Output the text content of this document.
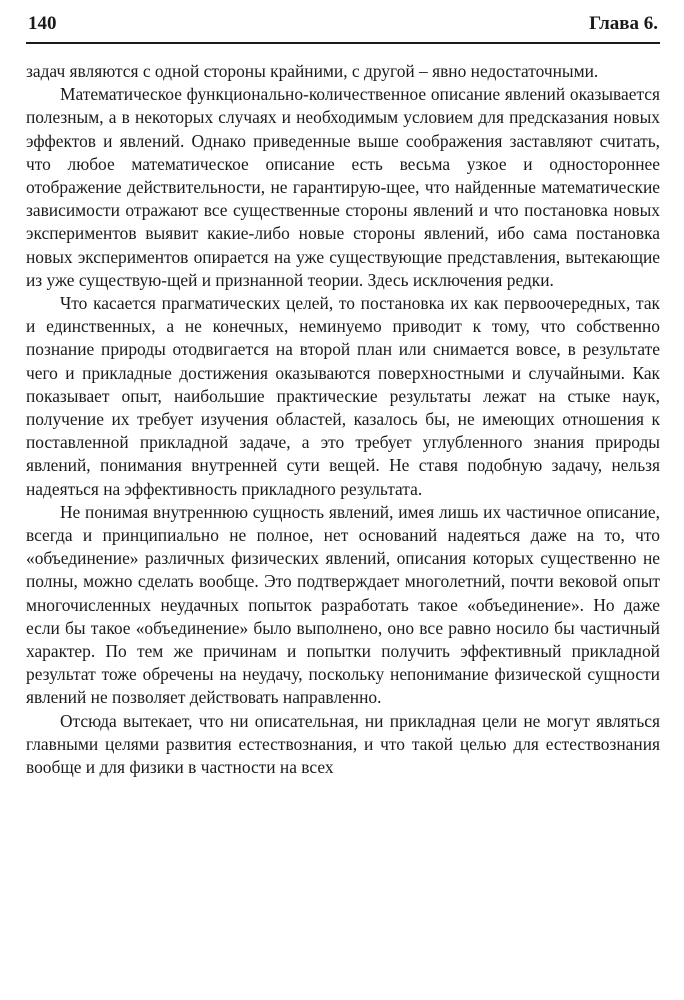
140	Глава 6.

задач являются с одной стороны крайними, с другой – явно недостаточными.

Математическое функционально-количественное описание явлений оказывается полезным, а в некоторых случаях и необходимым условием для предсказания новых эффектов и явлений. Однако приведенные выше соображения заставляют считать, что любое математическое описание есть весьма узкое и одностороннее отображение действительности, не гарантирую-щее, что найденные математические зависимости отражают все существенные стороны явлений и что постановка новых экспериментов выявит какие-либо новые стороны явлений, ибо сама постановка новых экспериментов опирается на уже существующие представления, вытекающие из уже существую-щей и признанной теории. Здесь исключения редки.

Что касается прагматических целей, то постановка их как первоочередных, так и единственных, а не конечных, неминуемо приводит к тому, что собственно познание природы отодвигается на второй план или снимается вовсе, в результате чего и прикладные достижения оказываются поверхностными и случайными. Как показывает опыт, наибольшие практические результаты лежат на стыке наук, получение их требует изучения областей, казалось бы, не имеющих отношения к поставленной прикладной задаче, а это требует углубленного знания природы явлений, понимания внутренней сути вещей. Не ставя подобную задачу, нельзя надеяться на эффективность прикладного результата.

Не понимая внутреннюю сущность явлений, имея лишь их частичное описание, всегда и принципиально не полное, нет оснований надеяться даже на то, что «объединение» различных физических явлений, описания которых существенно не полны, можно сделать вообще. Это подтверждает многолетний, почти вековой опыт многочисленных неудачных попыток разработать такое «объединение». Но даже если бы такое «объединение» было выполнено, оно все равно носило бы частичный характер. По тем же причинам и попытки получить эффективный прикладной результат тоже обречены на неудачу, поскольку непонимание физической сущности явлений не позволяет действовать направленно.

Отсюда вытекает, что ни описательная, ни прикладная цели не могут являться главными целями развития естествознания, и что такой целью для естествознания вообще и для физики в частности на всех
